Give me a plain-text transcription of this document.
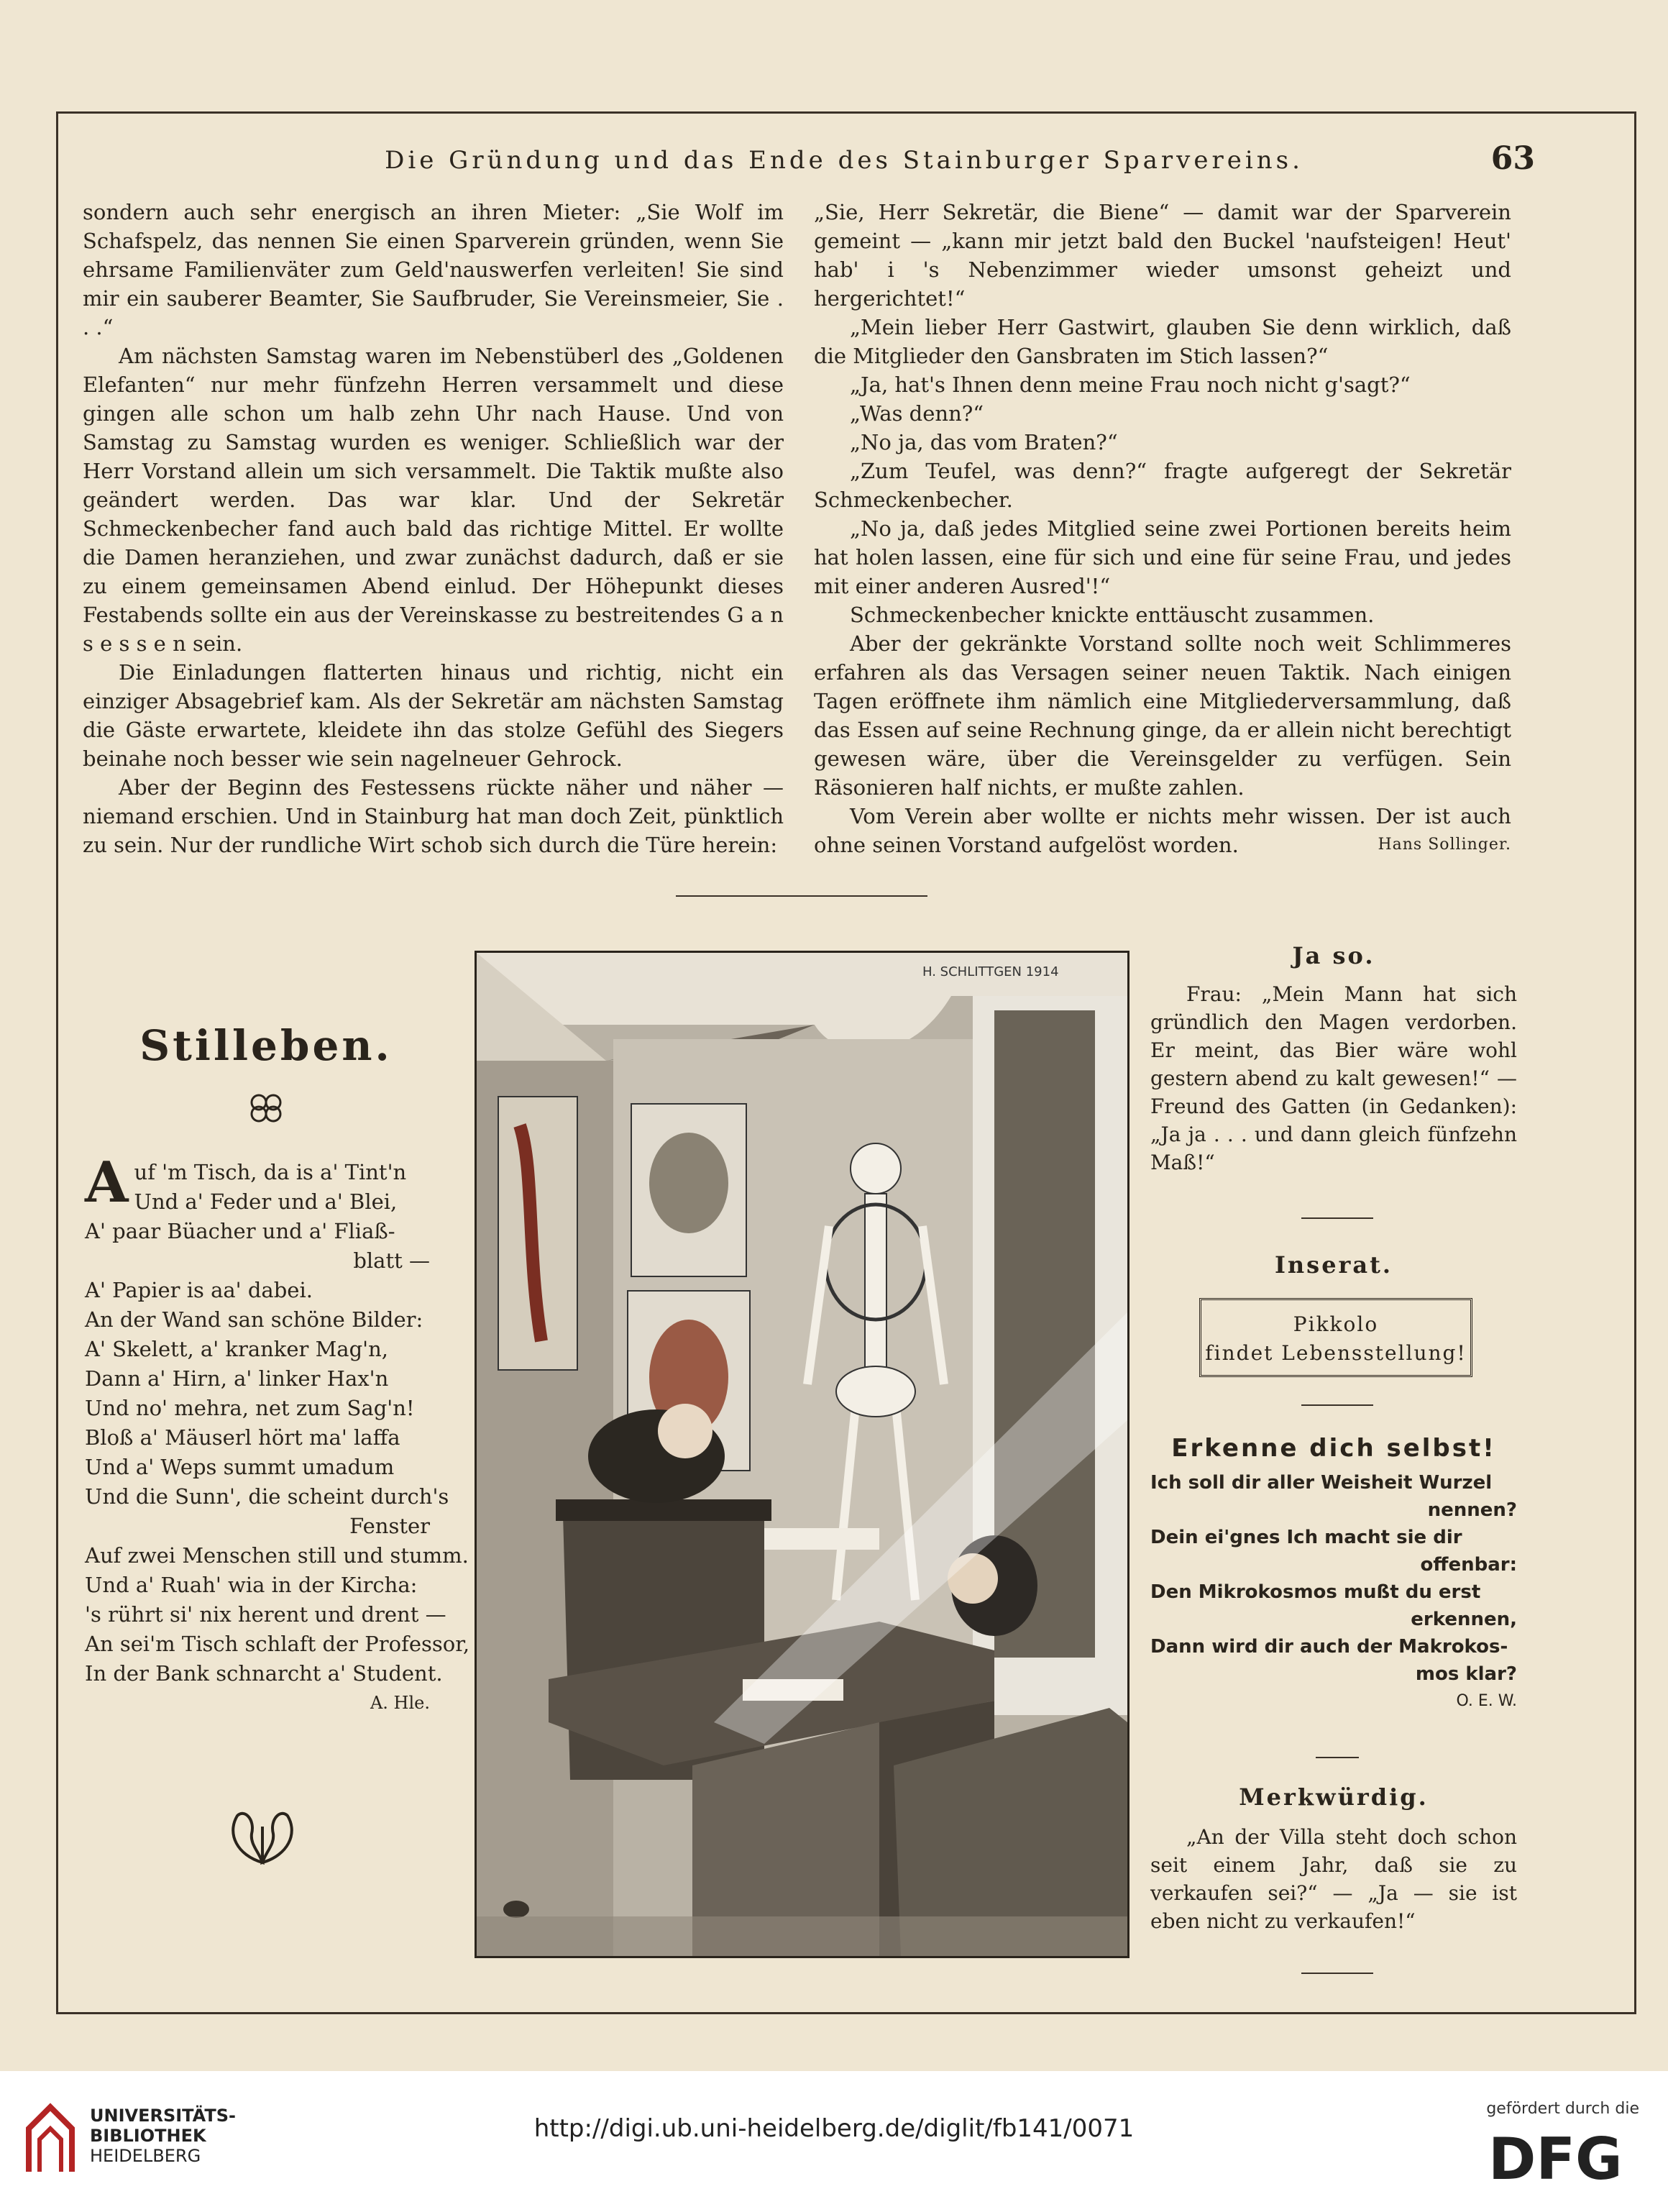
Die Gründung und das Ende des Stainburger Sparvereins.	63

sondern auch sehr energisch an ihren Mieter: „Sie Wolf im Schafspelz, das nennen Sie einen Sparverein gründen, wenn Sie ehrsame Familienväter zum Geld'nauswerfen verleiten! Sie sind mir ein sauberer Beamter, Sie Saufbruder, Sie Vereinsmeier, Sie . . .“

Am nächsten Samstag waren im Nebenstüberl des „Goldenen Elefanten“ nur mehr fünfzehn Herren versammelt und diese gingen alle schon um halb zehn Uhr nach Hause. Und von Samstag zu Samstag wurden es weniger. Schließlich war der Herr Vorstand allein um sich versammelt. Die Taktik mußte also geändert werden. Das war klar. Und der Sekretär Schmeckenbecher fand auch bald das richtige Mittel. Er wollte die Damen heranziehen, und zwar zunächst dadurch, daß er sie zu einem gemeinsamen Abend einlud. Der Höhepunkt dieses Festabends sollte ein aus der Vereinskasse zu bestreitendes G a n s e s s e n sein.

Die Einladungen flatterten hinaus und richtig, nicht ein einziger Absagebrief kam. Als der Sekretär am nächsten Samstag die Gäste erwartete, kleidete ihn das stolze Gefühl des Siegers beinahe noch besser wie sein nagelneuer Gehrock.

Aber der Beginn des Festessens rückte näher und näher — niemand erschien. Und in Stainburg hat man doch Zeit, pünktlich zu sein. Nur der rundliche Wirt schob sich durch die Türe herein:

„Sie, Herr Sekretär, die Biene“ — damit war der Sparverein gemeint — „kann mir jetzt bald den Buckel 'naufsteigen! Heut' hab' i 's Nebenzimmer wieder umsonst geheizt und hergerichtet!“

„Mein lieber Herr Gastwirt, glauben Sie denn wirklich, daß die Mitglieder den Gansbraten im Stich lassen?“

„Ja, hat's Ihnen denn meine Frau noch nicht g'sagt?“

„Was denn?“

„No ja, das vom Braten?“

„Zum Teufel, was denn?“ fragte aufgeregt der Sekretär Schmeckenbecher.

„No ja, daß jedes Mitglied seine zwei Portionen bereits heim hat holen lassen, eine für sich und eine für seine Frau, und jedes mit einer anderen Ausred'!“

Schmeckenbecher knickte enttäuscht zusammen.

Aber der gekränkte Vorstand sollte noch weit Schlimmeres erfahren als das Versagen seiner neuen Taktik. Nach einigen Tagen eröffnete ihm nämlich eine Mitgliederversammlung, daß das Essen auf seine Rechnung ginge, da er allein nicht berechtigt gewesen wäre, über die Vereinsgelder zu verfügen. Sein Räsonieren half nichts, er mußte zahlen.

Vom Verein aber wollte er nichts mehr wissen. Der ist auch ohne seinen Vorstand aufgelöst worden.	Hans Sollinger.

Stilleben.
A uf 'm Tisch, da is a' Tint'n
Und a' Feder und a' Blei,
A' paar Büacher und a' Fliaß-
blatt —
A' Papier is aa' dabei.
An der Wand san schöne Bilder:
A' Skelett, a' kranker Mag'n,
Dann a' Hirn, a' linker Hax'n
Und no' mehra, net zum Sag'n!
Bloß a' Mäuserl hört ma' laffa
Und a' Weps summt umadum
Und die Sunn', die scheint durch's
Fenster
Auf zwei Menschen still und stumm.
Und a' Ruah' wia in der Kircha:
's rührt si' nix herent und drent —
An sei'm Tisch schlaft der Professor,
In der Bank schnarcht a' Student.
A. Hle.
H. SCHLITTGEN 1914
Ja so.

Frau: „Mein Mann hat sich gründlich den Magen verdorben. Er meint, das Bier wäre wohl gestern abend zu kalt gewesen!“ — Freund des Gatten (in Gedanken): „Ja ja . . . und dann gleich fünfzehn Maß!“

Inserat.
Pikkolo
findet Lebensstellung!
Erkenne dich selbst!
Ich soll dir aller Weisheit Wurzel
nennen?
Dein ei'gnes Ich macht sie dir
offenbar:
Den Mikrokosmos mußt du erst
erkennen,
Dann wird dir auch der Makrokos-
mos klar?
O. E. W.
Merkwürdig.

„An der Villa steht doch schon seit einem Jahr, daß sie zu verkaufen sei?“ — „Ja — sie ist eben nicht zu verkaufen!“

UNIVERSITÄTS-
BIBLIOTHEK
HEIDELBERG
http://digi.ub.uni-heidelberg.de/diglit/fb141/0071
gefördert durch die
DFG
